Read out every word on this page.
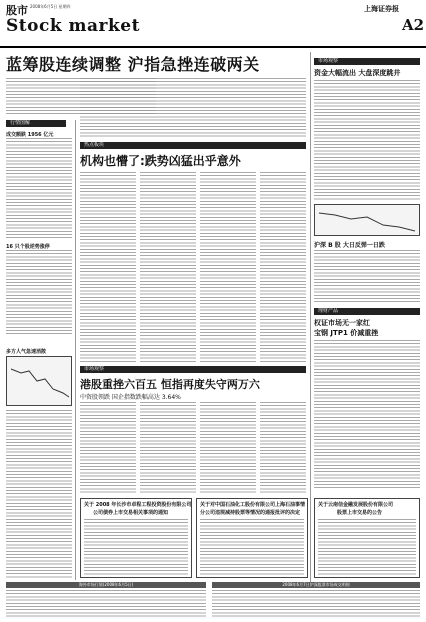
股市 2008年6月5日 星期四
Stock market
上海证券报
A2
蓝筹股连续调整 沪指急挫连破两关
行情图解
成交额跌 1956 亿元
16 只个股逆势涨停
多方人气急速消散
热点板块
机构也懵了:跌势凶猛出乎意外
市场观察
港股重挫六百五 恒指再度失守两万六
中资股领跌 国企指数跌幅高达 3.64%
关于 2008 年长沙市卓程工程投资股份有限公司
公司债券上市交易相关事项的通知
关于对中国石油化工股份有限公司上海石油事情
分公司违规减持股票等情况的通报批评的决定
市场观察
资金大幅流出 大盘深度跳井
沪深 B 股 大日反弹一日跌
理财产品
权证市场无一家红
宝钢 JTP1 价减重挫
关于云南信金融发展股份有限公司
股票上市交易的公告
海外市场行情(2008年6月5日)	2008年6月7日沪深股票市场成交明细
